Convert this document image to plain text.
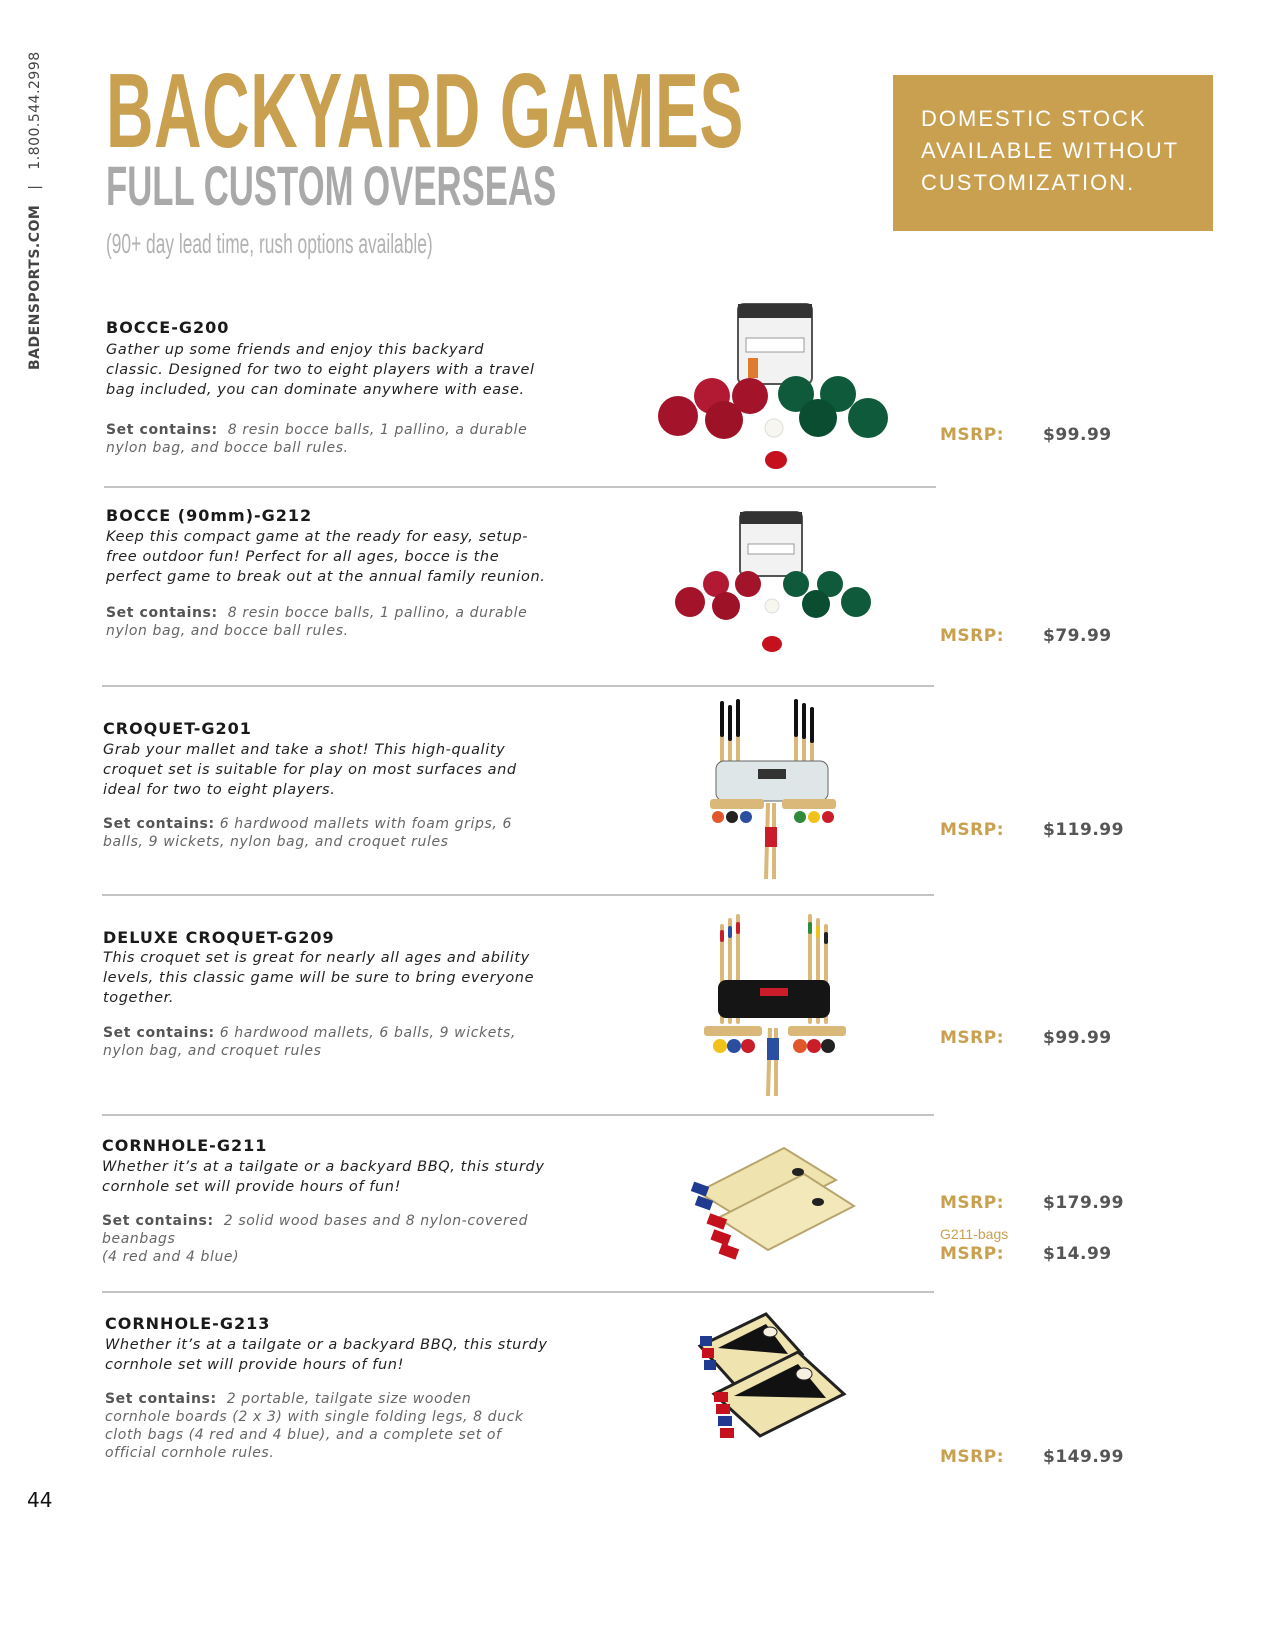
BADENSPORTS.COM   |   1.800.544.2998 BACKYARD GAMES
FULL CUSTOM OVERSEAS
(90+ day lead time, rush options available)
DOMESTIC STOCK
AVAILABLE WITHOUT
CUSTOMIZATION.
BOCCE-G200
Gather up some friends and enjoy this backyard
classic. Designed for two to eight players with a travel
bag included, you can dominate anywhere with ease.
Set contains: 8 resin bocce balls, 1 pallino, a durable
nylon bag, and bocce ball rules.
MSRP: $99.99
BOCCE (90mm)-G212
Keep this compact game at the ready for easy, setup-
free outdoor fun! Perfect for all ages, bocce is the
perfect game to break out at the annual family reunion.
Set contains: 8 resin bocce balls, 1 pallino, a durable
nylon bag, and bocce ball rules.	MSRP: $79.99
CROQUET-G201
Grab your mallet and take a shot! This high-quality
croquet set is suitable for play on most surfaces and
ideal for two to eight players.
Set contains: 6 hardwood mallets with foam grips, 6
balls, 9 wickets, nylon bag, and croquet rules
MSRP: $119.99
DELUXE CROQUET-G209
This croquet set is great for nearly all ages and ability
levels, this classic game will be sure to bring everyone
together.
Set contains: 6 hardwood mallets, 6 balls, 9 wickets,
nylon bag, and croquet rules
MSRP: $99.99
CORNHOLE-G211
Whether it’s at a tailgate or a backyard BBQ, this sturdy
cornhole set will provide hours of fun!
Set contains: 2 solid wood bases and 8 nylon-covered
beanbags
(4 red and 4 blue)
MSRP: $179.99
G211-bags
MSRP: $14.99
CORNHOLE-G213
Whether it’s at a tailgate or a backyard BBQ, this sturdy
cornhole set will provide hours of fun!
Set contains: 2 portable, tailgate size wooden
cornhole boards (2 x 3) with single folding legs, 8 duck
cloth bags (4 red and 4 blue), and a complete set of
official cornhole rules.	MSRP: $149.99
44
